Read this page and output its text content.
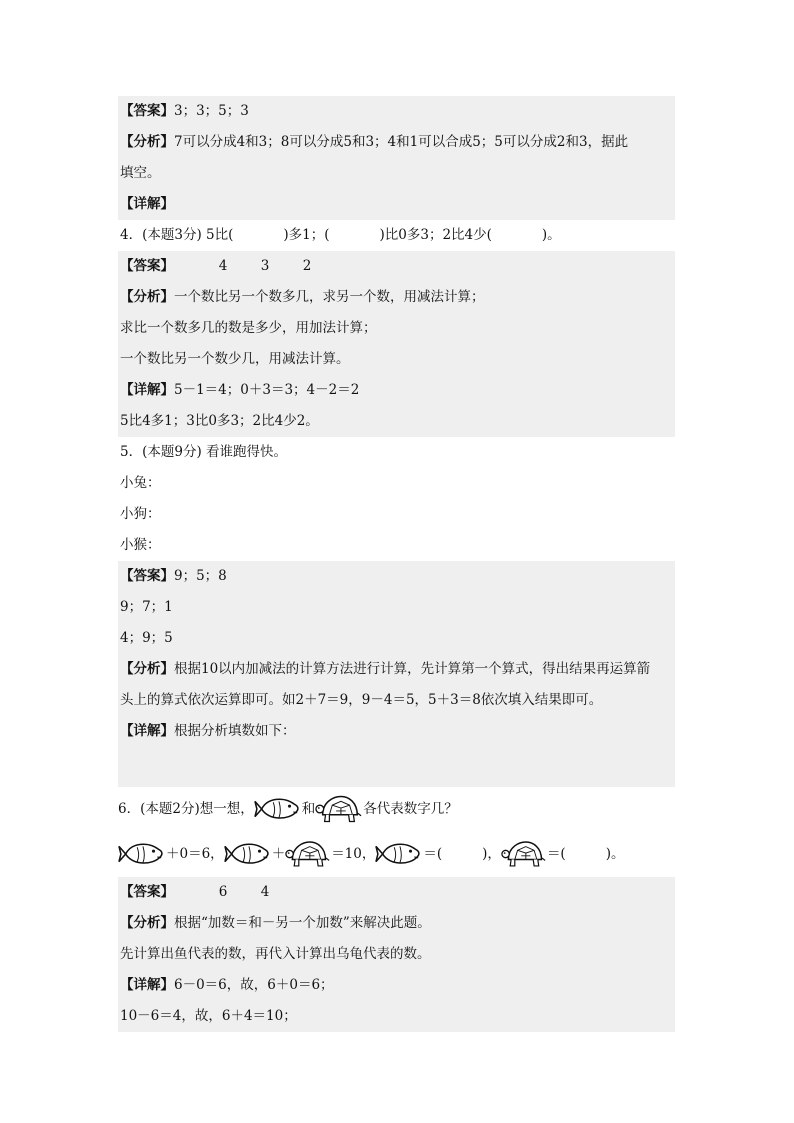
【答案】3；3；5；3
【分析】7可以分成4和3；8可以分成5和3；4和1可以合成5；5可以分成2和3，据此
填空。
【详解】
4．(本题3分) 5比(	)多1；(	)比0多3；2比4少(	)。
【答案】	4 3 2
【分析】一个数比另一个数多几，求另一个数，用减法计算；
求比一个数多几的数是多少，用加法计算；
一个数比另一个数少几，用减法计算。
【详解】5－1＝4；0＋3＝3；4－2＝2
5比4多1；3比0多3；2比4少2。
5．(本题9分) 看谁跑得快。
小兔：
小狗：
小猴：
【答案】9；5；8
9；7；1
4；9；5
【分析】根据10以内加减法的计算方法进行计算，先计算第一个算式，得出结果再运算箭
头上的算式依次运算即可。如2＋7＝9，9－4＝5，5＋3＝8依次填入结果即可。
【详解】根据分析填数如下：
6． (本题2分) 想一想，	和	各代表数字几？
＋0＝6，	＋	＝10，	＝(	)，	＝(	)。
【答案】	6 4
【分析】根据“加数＝和－另一个加数”来解决此题。
先计算出鱼代表的数，再代入计算出乌龟代表的数。
【详解】6－0＝6，故，6＋0＝6；
10－6＝4，故，6＋4＝10；
